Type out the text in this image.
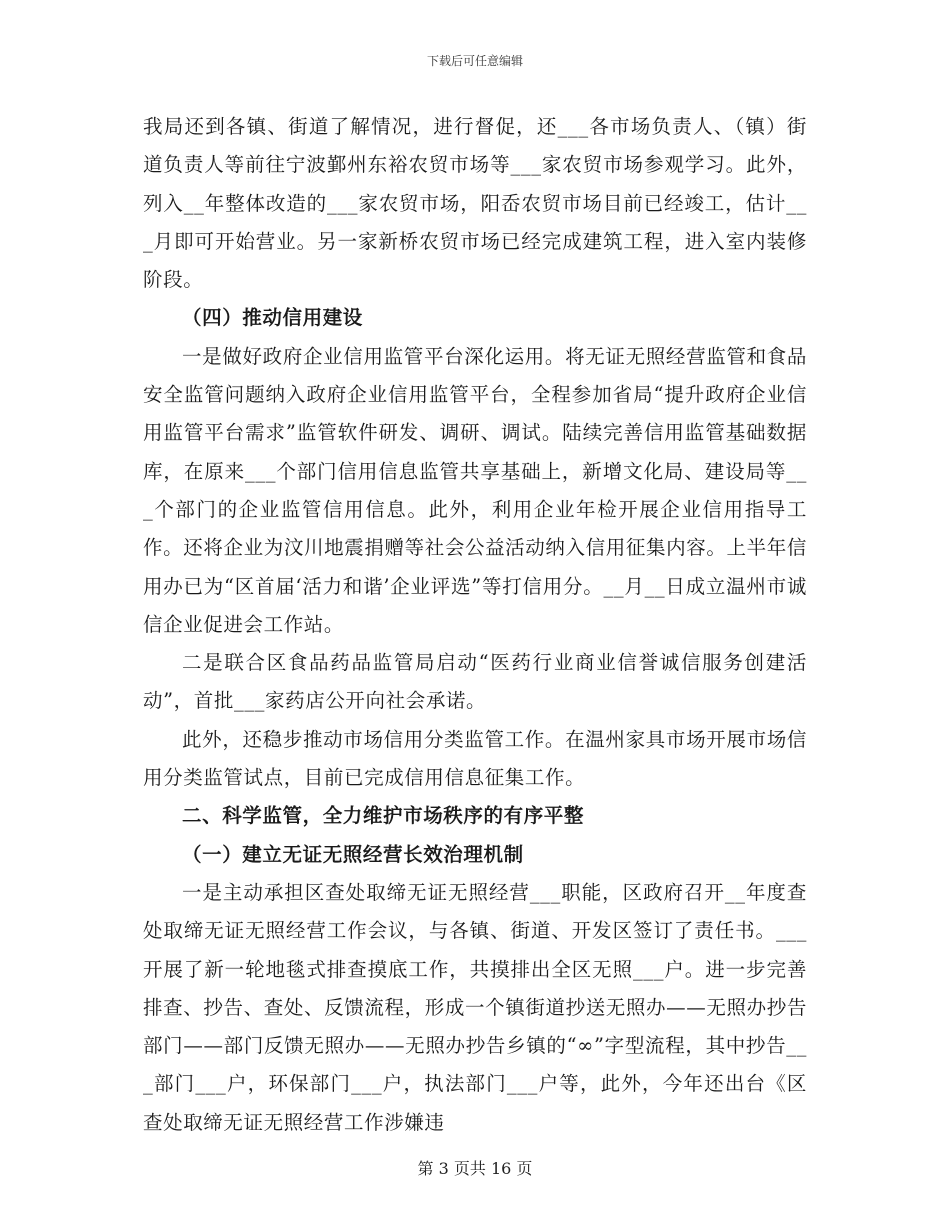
下载后可任意编辑

我局还到各镇、街道了解情况，进行督促，还___各市场负责人、（镇）街道负责人等前往宁波鄞州东裕农贸市场等___家农贸市场参观学习。此外，列入__年整体改造的___家农贸市场，阳岙农贸市场目前已经竣工，估计___月即可开始营业。另一家新桥农贸市场已经完成建筑工程，进入室内装修阶段。

（四）推动信用建设

一是做好政府企业信用监管平台深化运用。将无证无照经营监管和食品安全监管问题纳入政府企业信用监管平台，全程参加省局“提升政府企业信用监管平台需求”监管软件研发、调研、调试。陆续完善信用监管基础数据库，在原来___个部门信用信息监管共享基础上，新增文化局、建设局等___个部门的企业监管信用信息。此外，利用企业年检开展企业信用指导工作。还将企业为汶川地震捐赠等社会公益活动纳入信用征集内容。上半年信用办已为“区首届‘活力和谐’企业评选”等打信用分。__月__日成立温州市诚信企业促进会工作站。

二是联合区食品药品监管局启动“医药行业商业信誉诚信服务创建活动”，首批___家药店公开向社会承诺。

此外，还稳步推动市场信用分类监管工作。在温州家具市场开展市场信用分类监管试点，目前已完成信用信息征集工作。

二、科学监管，全力维护市场秩序的有序平整

（一）建立无证无照经营长效治理机制

一是主动承担区查处取缔无证无照经营___职能，区政府召开__年度查处取缔无证无照经营工作会议，与各镇、街道、开发区签订了责任书。___开展了新一轮地毯式排查摸底工作，共摸排出全区无照___户。进一步完善排查、抄告、查处、反馈流程，形成一个镇街道抄送无照办——无照办抄告部门——部门反馈无照办——无照办抄告乡镇的“∞”字型流程，其中抄告___部门___户，环保部门___户，执法部门___户等，此外，今年还出台《区查处取缔无证无照经营工作涉嫌违

第 3 页共 16 页
